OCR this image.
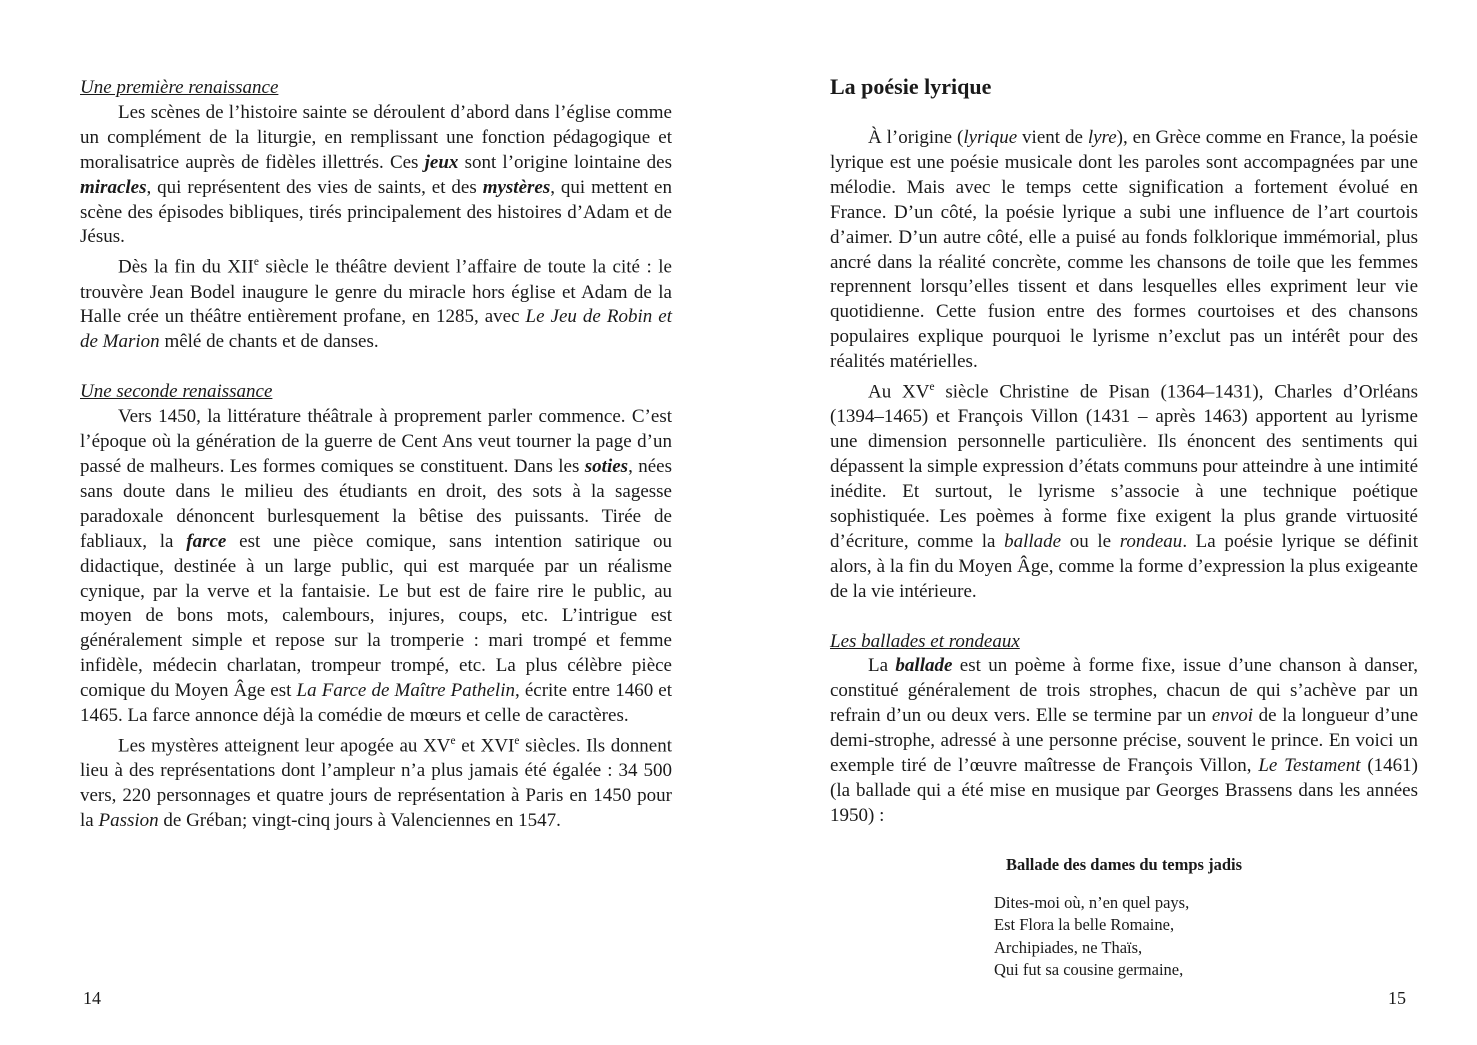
Une première renaissance

Les scènes de l’histoire sainte se déroulent d’abord dans l’église comme un complément de la liturgie, en remplissant une fonction pédagogique et moralisatrice auprès de fidèles illettrés. Ces jeux sont l’origine lointaine des miracles, qui représentent des vies de saints, et des mystères, qui mettent en scène des épisodes bibliques, tirés principalement des histoires d’Adam et de Jésus.

Dès la fin du XIIe siècle le théâtre devient l’affaire de toute la cité : le trouvère Jean Bodel inaugure le genre du miracle hors église et Adam de la Halle crée un théâtre entièrement profane, en 1285, avec Le Jeu de Robin et de Marion mêlé de chants et de danses.

Une seconde renaissance

Vers 1450, la littérature théâtrale à proprement parler commence. C’est l’époque où la génération de la guerre de Cent Ans veut tourner la page d’un passé de malheurs. Les formes comiques se constituent. Dans les soties, nées sans doute dans le milieu des étudiants en droit, des sots à la sagesse paradoxale dénoncent burlesquement la bêtise des puissants. Tirée de fabliaux, la farce est une pièce comique, sans intention satirique ou didactique, destinée à un large public, qui est marquée par un réalisme cynique, par la verve et la fantaisie. Le but est de faire rire le public, au moyen de bons mots, calembours, injures, coups, etc. L’intrigue est généralement simple et repose sur la tromperie : mari trompé et femme infidèle, médecin charlatan, trompeur trompé, etc. La plus célèbre pièce comique du Moyen Âge est La Farce de Maître Pathelin, écrite entre 1460 et 1465. La farce annonce déjà la comédie de mœurs et celle de caractères.

Les mystères atteignent leur apogée au XVe et XVIe siècles. Ils donnent lieu à des représentations dont l’ampleur n’a plus jamais été égalée : 34 500 vers, 220 personnages et quatre jours de représentation à Paris en 1450 pour la Passion de Gréban; vingt-cinq jours à Valenciennes en 1547.

14
La poésie lyrique

À l’origine (lyrique vient de lyre), en Grèce comme en France, la poésie lyrique est une poésie musicale dont les paroles sont accompagnées par une mélodie. Mais avec le temps cette signification a fortement évolué en France. D’un côté, la poésie lyrique a subi une influence de l’art courtois d’aimer. D’un autre côté, elle a puisé au fonds folklorique immémorial, plus ancré dans la réalité concrète, comme les chansons de toile que les femmes reprennent lorsqu’elles tissent et dans lesquelles elles expriment leur vie quotidienne. Cette fusion entre des formes courtoises et des chansons populaires explique pourquoi le lyrisme n’exclut pas un intérêt pour des réalités matérielles.

Au XVe siècle Christine de Pisan (1364–1431), Charles d’Orléans (1394–1465) et François Villon (1431 – après 1463) apportent au lyrisme une dimension personnelle particulière. Ils énoncent des sentiments qui dépassent la simple expression d’états communs pour atteindre à une intimité inédite. Et surtout, le lyrisme s’associe à une technique poétique sophistiquée. Les poèmes à forme fixe exigent la plus grande virtuosité d’écriture, comme la ballade ou le rondeau. La poésie lyrique se définit alors, à la fin du Moyen Âge, comme la forme d’expression la plus exigeante de la vie intérieure.

Les ballades et rondeaux

La ballade est un poème à forme fixe, issue d’une chanson à danser, constitué généralement de trois strophes, chacun de qui s’achève par un refrain d’un ou deux vers. Elle se termine par un envoi de la longueur d’une demi-strophe, adressé à une personne précise, souvent le prince. En voici un exemple tiré de l’œuvre maîtresse de François Villon, Le Testament (1461) (la ballade qui a été mise en musique par Georges Brassens dans les années 1950) :

Ballade des dames du temps jadis
Dites-moi où, n’en quel pays,
Est Flora la belle Romaine,
Archipiades, ne Thaïs,
Qui fut sa cousine germaine,
15
